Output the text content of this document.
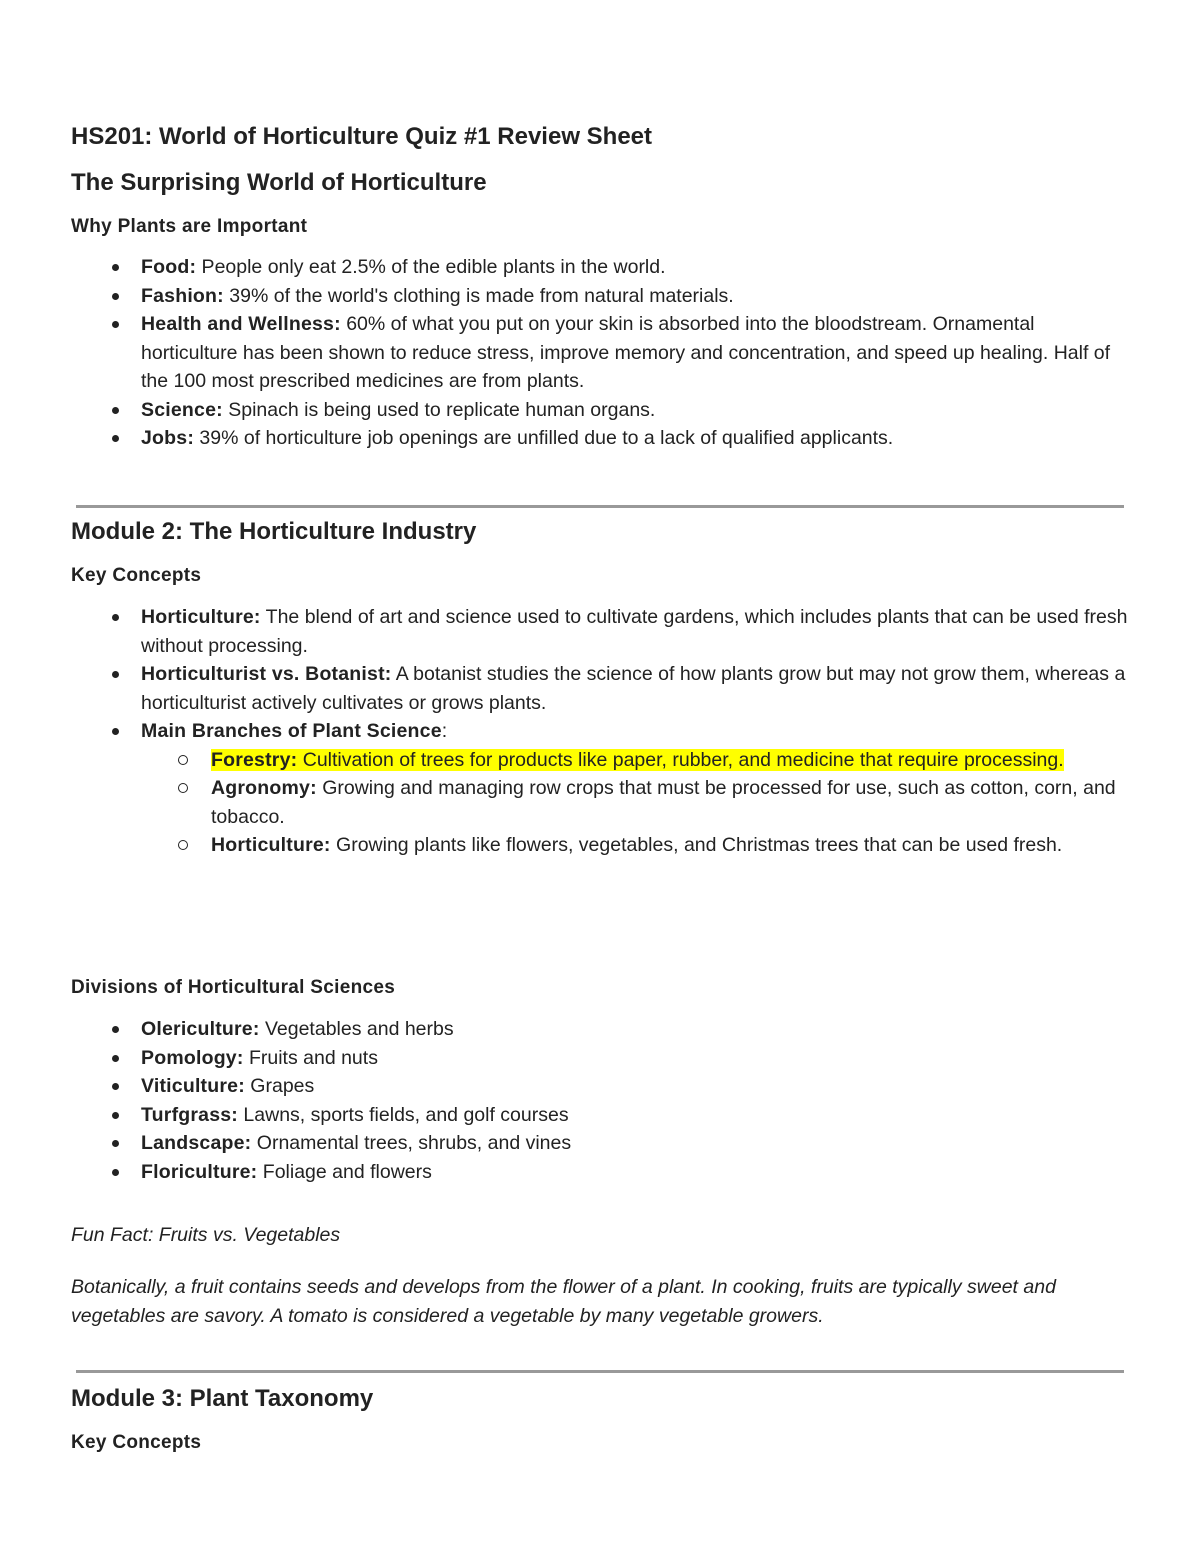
HS201: World of Horticulture Quiz #1 Review Sheet
The Surprising World of Horticulture
Why Plants are Important
Food: People only eat 2.5% of the edible plants in the world.
Fashion: 39% of the world's clothing is made from natural materials.
Health and Wellness: 60% of what you put on your skin is absorbed into the bloodstream. Ornamental horticulture has been shown to reduce stress, improve memory and concentration, and speed up healing. Half of the 100 most prescribed medicines are from plants.
Science: Spinach is being used to replicate human organs.
Jobs: 39% of horticulture job openings are unfilled due to a lack of qualified applicants.
Module 2: The Horticulture Industry
Key Concepts
Horticulture: The blend of art and science used to cultivate gardens, which includes plants that can be used fresh without processing.
Horticulturist vs. Botanist: A botanist studies the science of how plants grow but may not grow them, whereas a horticulturist actively cultivates or grows plants.
Main Branches of Plant Science:
Forestry: Cultivation of trees for products like paper, rubber, and medicine that require processing.
Agronomy: Growing and managing row crops that must be processed for use, such as cotton, corn, and tobacco.
Horticulture: Growing plants like flowers, vegetables, and Christmas trees that can be used fresh.
Divisions of Horticultural Sciences
Olericulture: Vegetables and herbs
Pomology: Fruits and nuts
Viticulture: Grapes
Turfgrass: Lawns, sports fields, and golf courses
Landscape: Ornamental trees, shrubs, and vines
Floriculture: Foliage and flowers
Fun Fact: Fruits vs. Vegetables
Botanically, a fruit contains seeds and develops from the flower of a plant. In cooking, fruits are typically sweet and vegetables are savory. A tomato is considered a vegetable by many vegetable growers.
Module 3: Plant Taxonomy
Key Concepts
